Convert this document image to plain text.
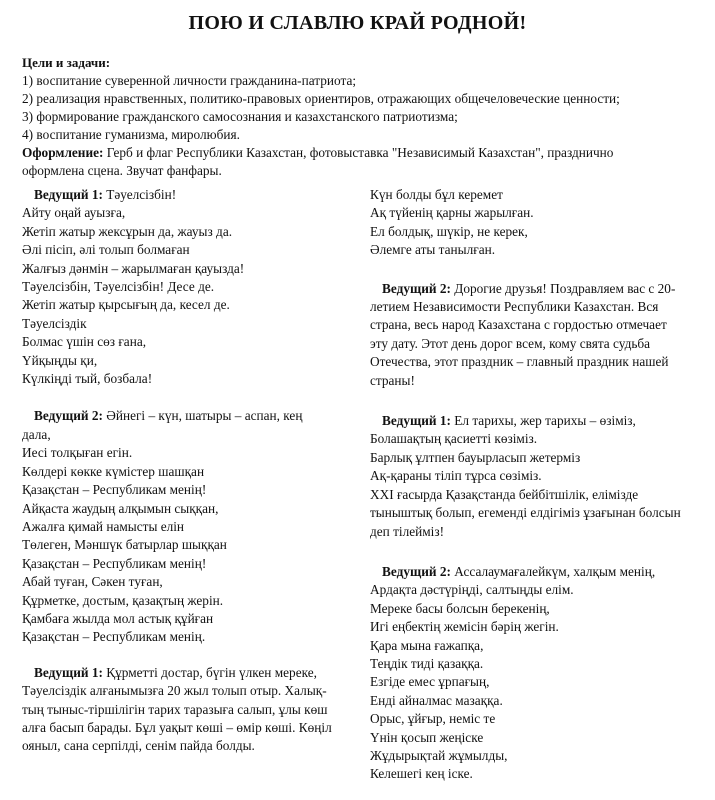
ПОЮ И СЛАВЛЮ КРАЙ РОДНОЙ!
Цели и задачи:
1) воспитание суверенной личности гражданина-патриота;
2) реализация нравственных, политико-правовых ориентиров, отражающих общечеловеческие ценности;
3) формирование гражданского самосознания и казахстанского патриотизма;
4) воспитание гуманизма, миролюбия.
Оформление: Герб и флаг Республики Казахстан, фотовыставка "Независимый Казахстан", празднично
оформлена сцена. Звучат фанфары.
Ведущий 1: Тәуелсізбін!
Айту оңай ауызға,
Жетіп жатыр жексұрын да, жауыз да.
Әлі пісіп, әлі толып болмаған
Жалғыз дәнмін – жарылмаған қауызда!
Тәуелсізбін, Тәуелсізбін! Десе де.
Жетіп жатыр қырсығың да, кесел де.
Тәуелсіздік
Болмас үшін сөз ғана,
Үйқыңды қи,
Күлкіңді тый, бозбала!
Ведущий 2: Әйнегі – күн, шатыры – аспан, кең
дала,
Иесі толқыған егін.
Көлдері көкке күмістер шашқан
Қазақстан – Республикам менің!
Айқаста жаудың алқымын сыққан,
Ажалға қимай намысты елін
Төлеген, Мәншүк батырлар шыққан
Қазақстан – Республикам менің!
Абай туған, Сәкен туған,
Құрметке, достым, қазақтың жерін.
Қамбаға жылда мол астық құйған
Қазақстан – Республикам менің.
Ведущий 1: Құрметті достар, бүгін үлкен мереке,
Тәуелсіздік алғанымызға 20 жыл толып отыр. Халық-
тың тыныс-тіршілігін тарих таразыға салып, ұлы көш
алға басып барады. Бұл уақыт көші – өмір көші. Көңіл
ояныл, сана серпілді, сенім пайда болды.
Күн болды бұл керемет
Ақ түйенің қарны жарылған.
Ел болдық, шүкір, не керек,
Әлемге аты танылған.
Ведущий 2: Дорогие друзья! Поздравляем вас с 20-
летием Независимости Республики Казахстан. Вся
страна, весь народ Казахстана с гордостью отмечает
эту дату. Этот день дорог всем, кому свята судьба
Отечества, этот праздник – главный праздник нашей
страны!
Ведущий 1: Ел тарихы, жер тарихы – өзіміз,
Болашақтың қасиетті көзіміз.
Барлық ұлтпен бауырласып жетерміз
Ақ-қараны тіліп тұрса сөзіміз.
XXI ғасырда Қазақстанда бейбітшілік, елімізде
тыныштық болып, егемендi елдігіміз ұзағынан болсын
деп тілейміз!
Ведущий 2: Ассалаумағалейкүм, халқым менің,
Ардақта дәстүріңді, салтыңды елім.
Мереке басы болсын берекенің,
Игі еңбектің жемісін бәрің жегін.
Қара мына ғажапқа,
Теңдік тиді қазаққа.
Езгіде емес ұрпағың,
Енді айналмас мазаққа.
Орыс, ұйғыр, неміс те
Үнін қосып жеңіске
Жұдырықтай жұмылды,
Келешегі кең іске.
